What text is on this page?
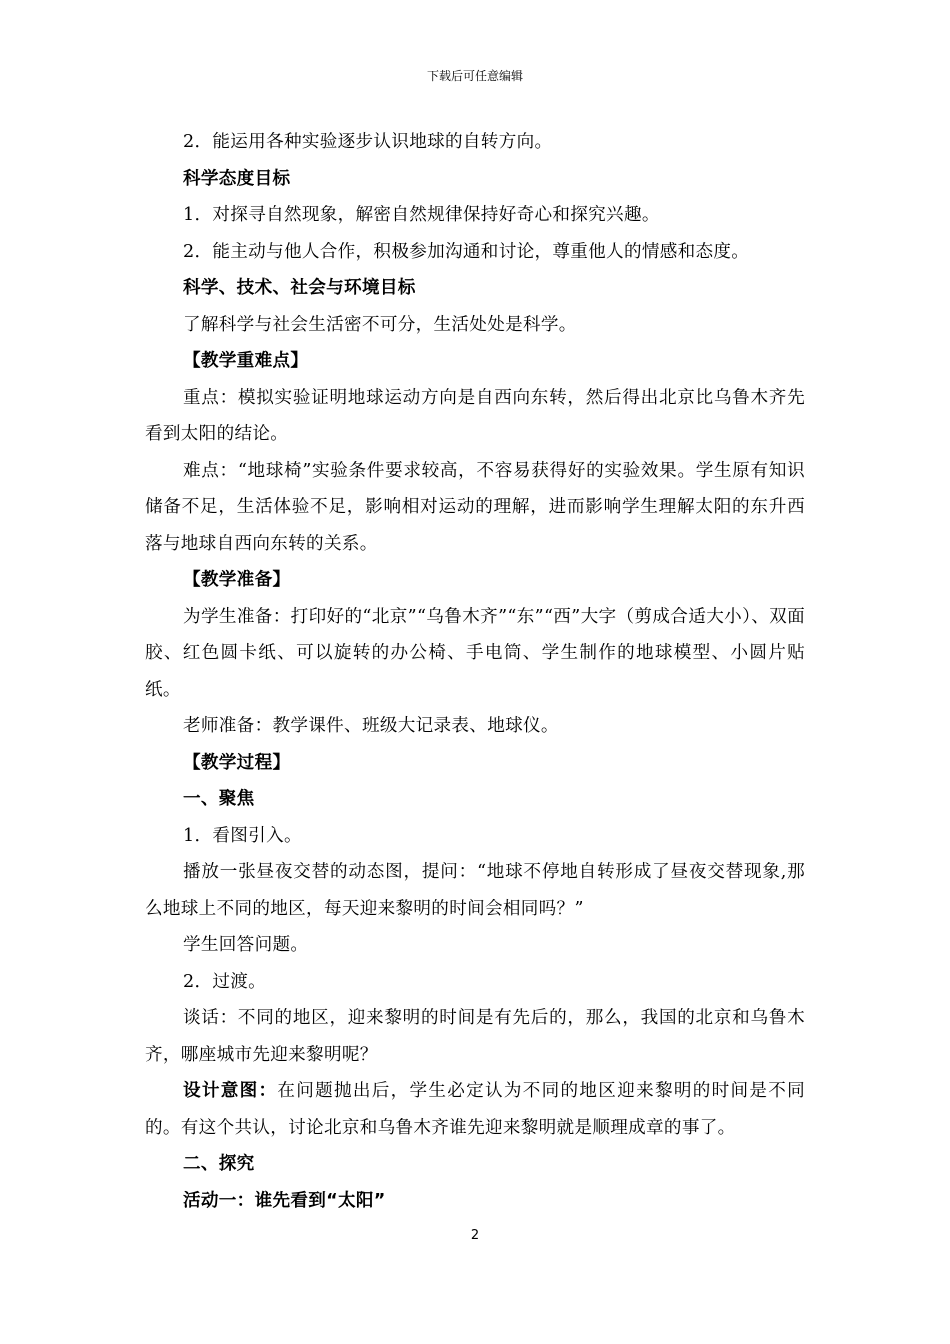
下载后可任意编辑

2．能运用各种实验逐步认识地球的自转方向。

科学态度目标

1．对探寻自然现象，解密自然规律保持好奇心和探究兴趣。

2．能主动与他人合作，积极参加沟通和讨论，尊重他人的情感和态度。

科学、技术、社会与环境目标

了解科学与社会生活密不可分，生活处处是科学。

【教学重难点】

重点：模拟实验证明地球运动方向是自西向东转，然后得出北京比乌鲁木齐先看到太阳的结论。

难点：“地球椅”实验条件要求较高，不容易获得好的实验效果。学生原有知识储备不足，生活体验不足，影响相对运动的理解，进而影响学生理解太阳的东升西落与地球自西向东转的关系。

【教学准备】

为学生准备：打印好的“北京”“乌鲁木齐”“东”“西”大字（剪成合适大小）、双面胶、红色圆卡纸、可以旋转的办公椅、手电筒、学生制作的地球模型、小圆片贴纸。

老师准备：教学课件、班级大记录表、地球仪。

【教学过程】

一、聚焦

1．看图引入。

播放一张昼夜交替的动态图，提问：“地球不停地自转形成了昼夜交替现象,那么地球上不同的地区，每天迎来黎明的时间会相同吗？”

学生回答问题。

2．过渡。

谈话：不同的地区，迎来黎明的时间是有先后的，那么，我国的北京和乌鲁木齐，哪座城市先迎来黎明呢？

设计意图：在问题抛出后，学生必定认为不同的地区迎来黎明的时间是不同的。有这个共认，讨论北京和乌鲁木齐谁先迎来黎明就是顺理成章的事了。

二、探究

活动一：谁先看到“太阳”

2
